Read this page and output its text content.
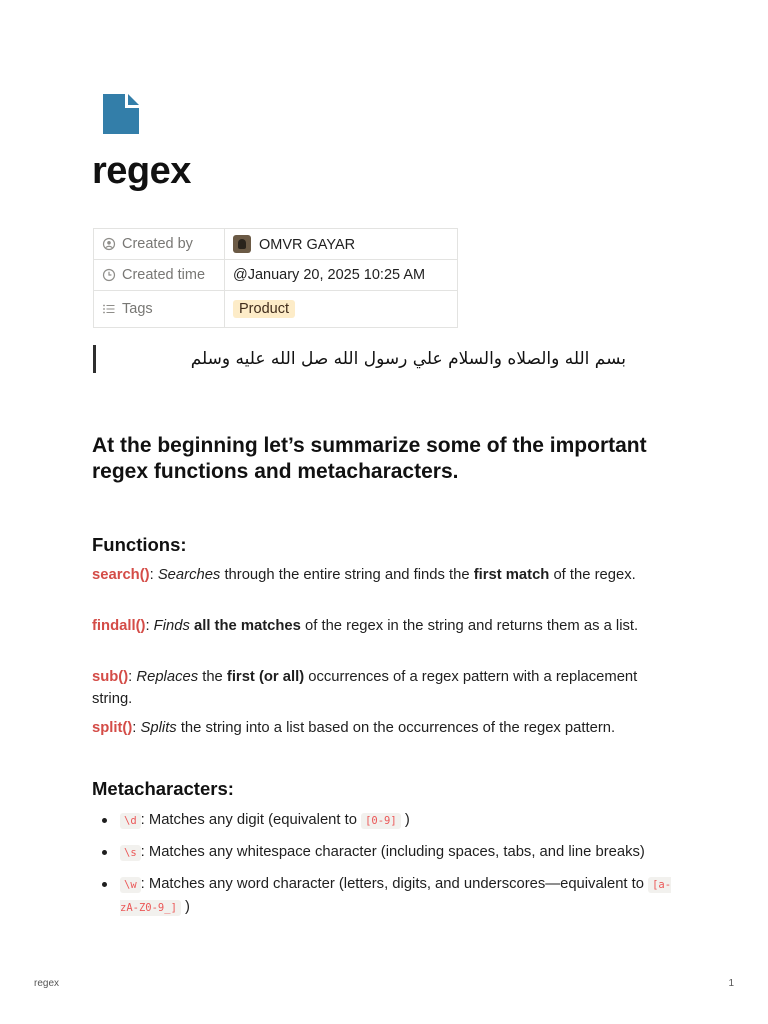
regex
Created by	OMVR GAYAR
Created time	@January 20, 2025 10:25 AM
Tags	Product
بسم الله والصلاه والسلام علي رسول الله صل الله عليه وسلم
At the beginning let’s summarize some of the important regex functions and metacharacters.
Functions:

search(): Searches through the entire string and finds the first match of the regex.

findall(): Finds all the matches of the regex in the string and returns them as a list.

sub(): Replaces the first (or all) occurrences of a regex pattern with a replacement string.

split(): Splits the string into a list based on the occurrences of the regex pattern.

Metacharacters:
\d : Matches any digit (equivalent to [0-9] )
\s : Matches any whitespace character (including spaces, tabs, and line breaks)
\w : Matches any word character (letters, digits, and underscores—equivalent to [a-zA-Z0-9_] )
regex	1
